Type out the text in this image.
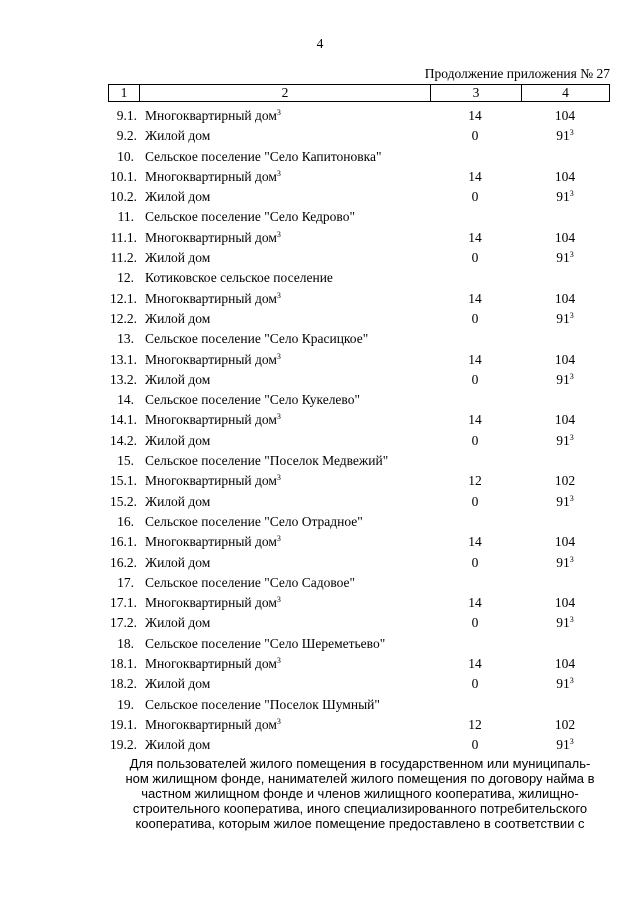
4
Продолжение приложения № 27
1	2	3	4
9.1. Многоквартирный дом$^3$	14	104
9.2. Жилой дом	0	$91^3$
10. Сельское поселение "Село Капитоновка"
10.1. Многоквартирный дом$^3$	14	104
10.2. Жилой дом	0	$91^3$
11. Сельское поселение "Село Кедрово"
11.1. Многоквартирный дом$^3$	14	104
11.2. Жилой дом	0	$91^3$
12. Котиковское сельское поселение
12.1. Многоквартирный дом$^3$	14	104
12.2. Жилой дом	0	$91^3$
13. Сельское поселение "Село Красицкое"
13.1. Многоквартирный дом$^3$	14	104
13.2. Жилой дом	0	$91^3$
14. Сельское поселение "Село Кукелево"
14.1. Многоквартирный дом$^3$	14	104
14.2. Жилой дом	0	$91^3$
15. Сельское поселение "Поселок Медвежий"
15.1. Многоквартирный дом$^3$	12	102
15.2. Жилой дом	0	$91^3$
16. Сельское поселение "Село Отрадное"
16.1. Многоквартирный дом$^3$	14	104
16.2. Жилой дом	0	$91^3$
17. Сельское поселение "Село Садовое"
17.1. Многоквартирный дом$^3$	14	104
17.2. Жилой дом	0	$91^3$
18. Сельское поселение "Село Шереметьево"
18.1. Многоквартирный дом$^3$	14	104
18.2. Жилой дом	0	$91^3$
19. Сельское поселение "Поселок Шумный"
19.1. Многоквартирный дом$^3$	12	102
19.2. Жилой дом	0	$91^3$
Для пользователей жилого помещения в государственном или муниципаль-
ном жилищном фонде, нанимателей жилого помещения по договору найма в
частном жилищном фонде и членов жилищного кооператива, жилищно-
строительного кооператива, иного специализированного потребительского
кооператива, которым жилое помещение предоставлено в соответствии с
